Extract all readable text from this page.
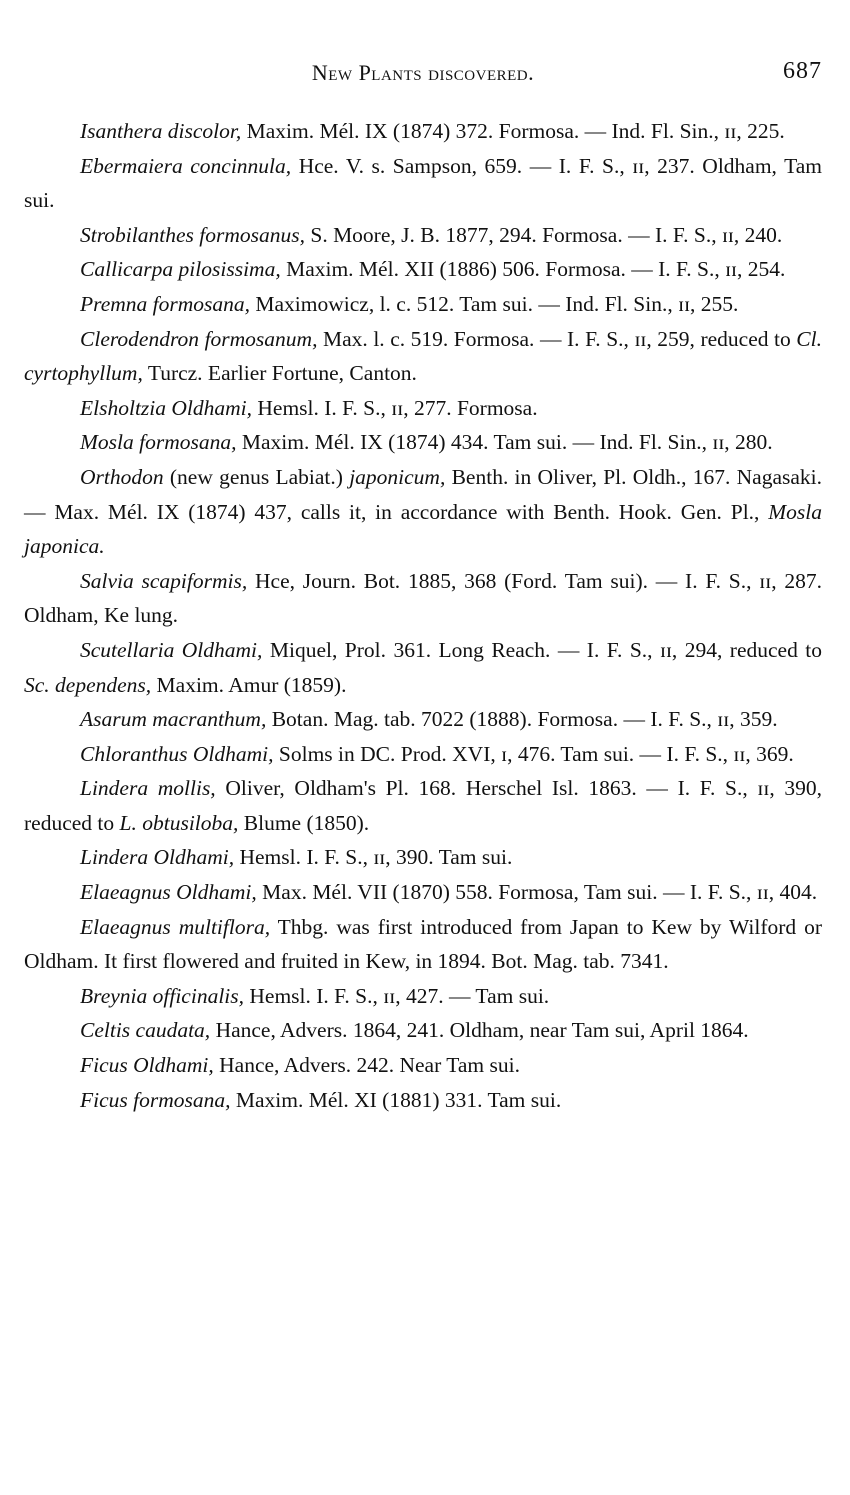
New Plants discovered.	687

Isanthera discolor, Maxim. Mél. IX (1874) 372. Formosa. — Ind. Fl. Sin., ɪɪ, 225.

Ebermaiera concinnula, Hce. V. s. Sampson, 659. — I. F. S., ɪɪ, 237. Oldham, Tam sui.

Strobilanthes formosanus, S. Moore, J. B. 1877, 294. Formosa. — I. F. S., ɪɪ, 240.

Callicarpa pilosissima, Maxim. Mél. XII (1886) 506. Formosa. — I. F. S., ɪɪ, 254.

Premna formosana, Maximowicz, l. c. 512. Tam sui. — Ind. Fl. Sin., ɪɪ, 255.

Clerodendron formosanum, Max. l. c. 519. Formosa. — I. F. S., ɪɪ, 259, reduced to Cl. cyrtophyllum, Turcz. Earlier Fortune, Canton.

Elsholtzia Oldhami, Hemsl. I. F. S., ɪɪ, 277. Formosa.

Mosla formosana, Maxim. Mél. IX (1874) 434. Tam sui. — Ind. Fl. Sin., ɪɪ, 280.

Orthodon (new genus Labiat.) japonicum, Benth. in Oliver, Pl. Oldh., 167. Nagasaki. — Max. Mél. IX (1874) 437, calls it, in accordance with Benth. Hook. Gen. Pl., Mosla japonica.

Salvia scapiformis, Hce, Journ. Bot. 1885, 368 (Ford. Tam sui). — I. F. S., ɪɪ, 287. Oldham, Ke lung.

Scutellaria Oldhami, Miquel, Prol. 361. Long Reach. — I. F. S., ɪɪ, 294, reduced to Sc. dependens, Maxim. Amur (1859).

Asarum macranthum, Botan. Mag. tab. 7022 (1888). Formosa. — I. F. S., ɪɪ, 359.

Chloranthus Oldhami, Solms in DC. Prod. XVI, ɪ, 476. Tam sui. — I. F. S., ɪɪ, 369.

Lindera mollis, Oliver, Oldham's Pl. 168. Herschel Isl. 1863. — I. F. S., ɪɪ, 390, reduced to L. obtusiloba, Blume (1850).

Lindera Oldhami, Hemsl. I. F. S., ɪɪ, 390. Tam sui.

Elaeagnus Oldhami, Max. Mél. VII (1870) 558. Formosa, Tam sui. — I. F. S., ɪɪ, 404.

Elaeagnus multiflora, Thbg. was first introduced from Japan to Kew by Wilford or Oldham. It first flowered and fruited in Kew, in 1894. Bot. Mag. tab. 7341.

Breynia officinalis, Hemsl. I. F. S., ɪɪ, 427. — Tam sui.

Celtis caudata, Hance, Advers. 1864, 241. Oldham, near Tam sui, April 1864.

Ficus Oldhami, Hance, Advers. 242. Near Tam sui.

Ficus formosana, Maxim. Mél. XI (1881) 331. Tam sui.
